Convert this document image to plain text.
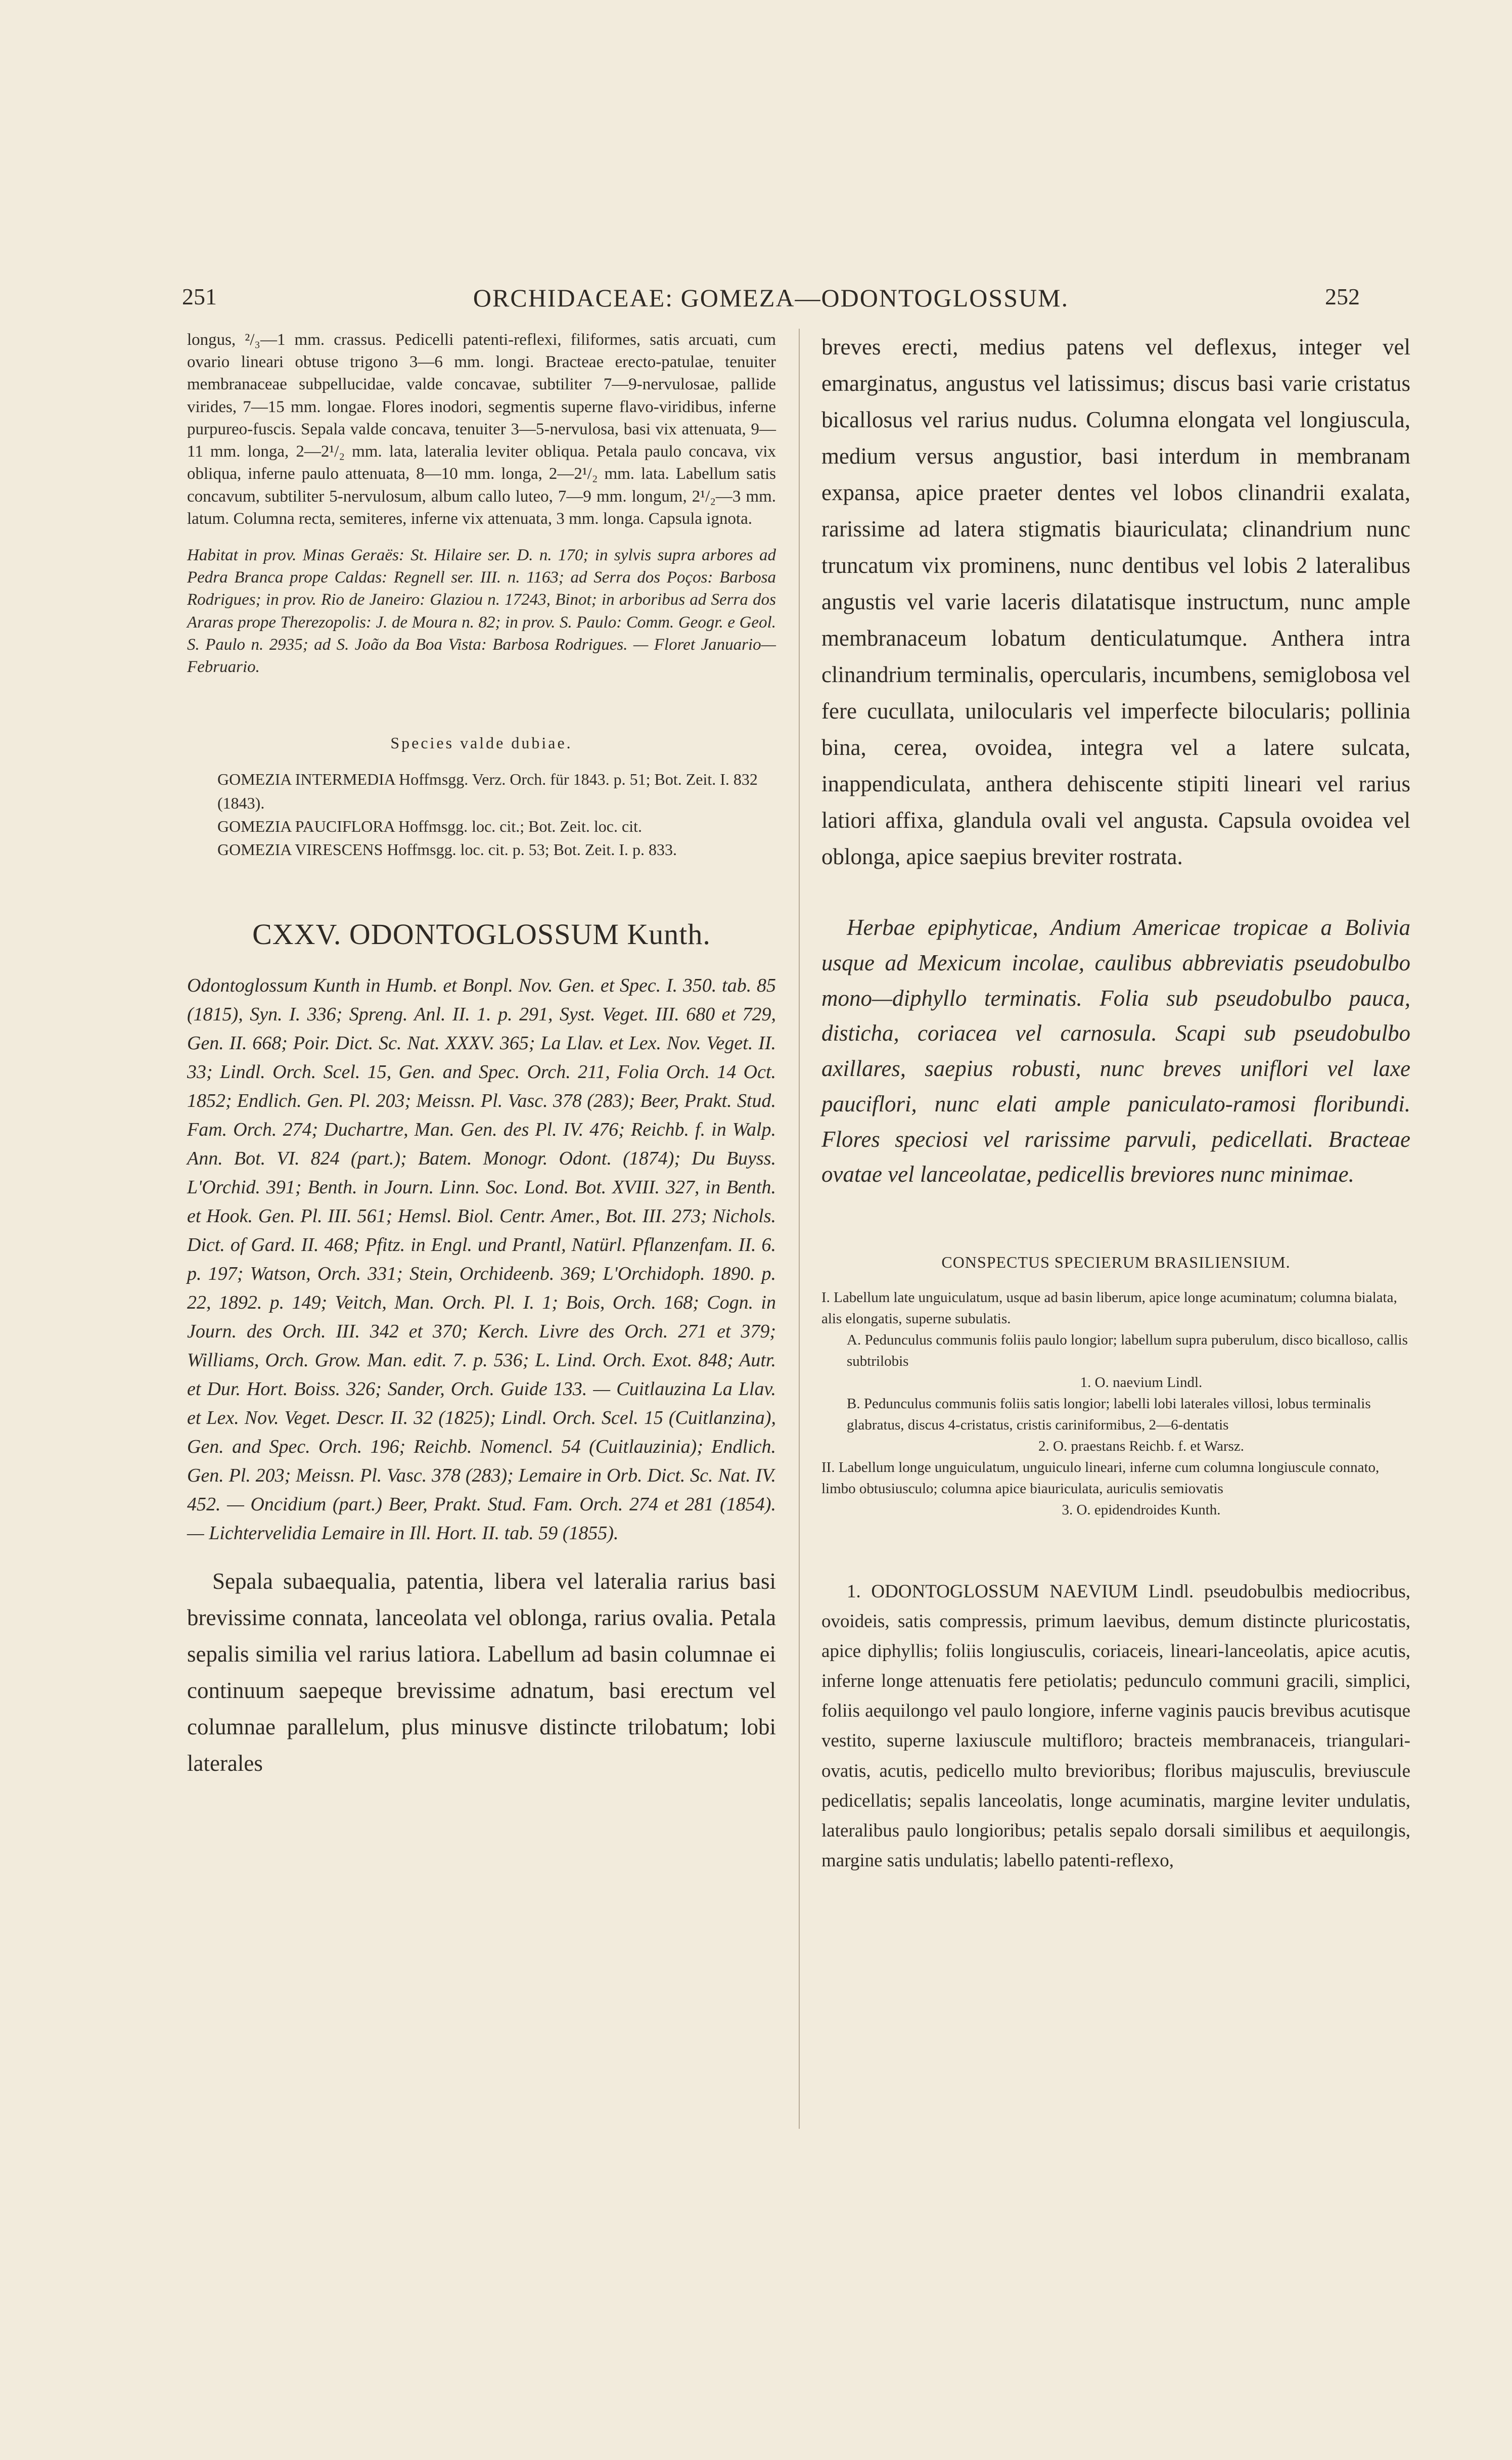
251	ORCHIDACEAE: GOMEZA—ODONTOGLOSSUM.	252

longus, ²/₃—1 mm. crassus. Pedicelli patenti-reflexi, filiformes, satis arcuati, cum ovario lineari obtuse trigono 3—6 mm. longi. Bracteae erecto-patulae, tenuiter membranaceae subpellucidae, valde concavae, subtiliter 7—9-nervulosae, pallide virides, 7—15 mm. longae. Flores inodori, segmentis superne flavo-viridibus, inferne purpureo-fuscis. Sepala valde concava, tenuiter 3—5-nervulosa, basi vix attenuata, 9—11 mm. longa, 2—2¹/₂ mm. lata, lateralia leviter obliqua. Petala paulo concava, vix obliqua, inferne paulo attenuata, 8—10 mm. longa, 2—2¹/₂ mm. lata. Labellum satis concavum, subtiliter 5-nervulosum, album callo luteo, 7—9 mm. longum, 2¹/₂—3 mm. latum. Columna recta, semiteres, inferne vix attenuata, 3 mm. longa. Capsula ignota.

Habitat in prov. Minas Geraës: St. Hilaire ser. D. n. 170; in sylvis supra arbores ad Pedra Branca prope Caldas: Regnell ser. III. n. 1163; ad Serra dos Poços: Barbosa Rodrigues; in prov. Rio de Janeiro: Glaziou n. 17243, Binot; in arboribus ad Serra dos Araras prope Therezopolis: J. de Moura n. 82; in prov. S. Paulo: Comm. Geogr. e Geol. S. Paulo n. 2935; ad S. João da Boa Vista: Barbosa Rodrigues. — Floret Januario—Februario.

Species valde dubiae.

GOMEZIA INTERMEDIA Hoffmsgg. Verz. Orch. für 1843. p. 51; Bot. Zeit. I. 832 (1843).

GOMEZIA PAUCIFLORA Hoffmsgg. loc. cit.; Bot. Zeit. loc. cit.

GOMEZIA VIRESCENS Hoffmsgg. loc. cit. p. 53; Bot. Zeit. I. p. 833.

CXXV. ODONTOGLOSSUM Kunth.

Odontoglossum Kunth in Humb. et Bonpl. Nov. Gen. et Spec. I. 350. tab. 85 (1815), Syn. I. 336; Spreng. Anl. II. 1. p. 291, Syst. Veget. III. 680 et 729, Gen. II. 668; Poir. Dict. Sc. Nat. XXXV. 365; La Llav. et Lex. Nov. Veget. II. 33; Lindl. Orch. Scel. 15, Gen. and Spec. Orch. 211, Folia Orch. 14 Oct. 1852; Endlich. Gen. Pl. 203; Meissn. Pl. Vasc. 378 (283); Beer, Prakt. Stud. Fam. Orch. 274; Duchartre, Man. Gen. des Pl. IV. 476; Reichb. f. in Walp. Ann. Bot. VI. 824 (part.); Batem. Monogr. Odont. (1874); Du Buyss. L'Orchid. 391; Benth. in Journ. Linn. Soc. Lond. Bot. XVIII. 327, in Benth. et Hook. Gen. Pl. III. 561; Hemsl. Biol. Centr. Amer., Bot. III. 273; Nichols. Dict. of Gard. II. 468; Pfitz. in Engl. und Prantl, Natürl. Pflanzenfam. II. 6. p. 197; Watson, Orch. 331; Stein, Orchideenb. 369; L'Orchidoph. 1890. p. 22, 1892. p. 149; Veitch, Man. Orch. Pl. I. 1; Bois, Orch. 168; Cogn. in Journ. des Orch. III. 342 et 370; Kerch. Livre des Orch. 271 et 379; Williams, Orch. Grow. Man. edit. 7. p. 536; L. Lind. Orch. Exot. 848; Autr. et Dur. Hort. Boiss. 326; Sander, Orch. Guide 133. — Cuitlauzina La Llav. et Lex. Nov. Veget. Descr. II. 32 (1825); Lindl. Orch. Scel. 15 (Cuitlanzina), Gen. and Spec. Orch. 196; Reichb. Nomencl. 54 (Cuitlauzinia); Endlich. Gen. Pl. 203; Meissn. Pl. Vasc. 378 (283); Lemaire in Orb. Dict. Sc. Nat. IV. 452. — Oncidium (part.) Beer, Prakt. Stud. Fam. Orch. 274 et 281 (1854). — Lichtervelidia Lemaire in Ill. Hort. II. tab. 59 (1855).

Sepala subaequalia, patentia, libera vel lateralia rarius basi brevissime connata, lanceolata vel oblonga, rarius ovalia. Petala sepalis similia vel rarius latiora. Labellum ad basin columnae ei continuum saepeque brevissime adnatum, basi erectum vel columnae parallelum, plus minusve distincte trilobatum; lobi laterales

breves erecti, medius patens vel deflexus, integer vel emarginatus, angustus vel latissimus; discus basi varie cristatus bicallosus vel rarius nudus. Columna elongata vel longiuscula, medium versus angustior, basi interdum in membranam expansa, apice praeter dentes vel lobos clinandrii exalata, rarissime ad latera stigmatis biauriculata; clinandrium nunc truncatum vix prominens, nunc dentibus vel lobis 2 lateralibus angustis vel varie laceris dilatatisque instructum, nunc ample membranaceum lobatum denticulatumque. Anthera intra clinandrium terminalis, opercularis, incumbens, semiglobosa vel fere cucullata, unilocularis vel imperfecte bilocularis; pollinia bina, cerea, ovoidea, integra vel a latere sulcata, inappendiculata, anthera dehiscente stipiti lineari vel rarius latiori affixa, glandula ovali vel angusta. Capsula ovoidea vel oblonga, apice saepius breviter rostrata.

Herbae epiphyticae, Andium Americae tropicae a Bolivia usque ad Mexicum incolae, caulibus abbreviatis pseudobulbo mono—diphyllo terminatis. Folia sub pseudobulbo pauca, disticha, coriacea vel carnosula. Scapi sub pseudobulbo axillares, saepius robusti, nunc breves uniflori vel laxe pauciflori, nunc elati ample paniculato-ramosi floribundi. Flores speciosi vel rarissime parvuli, pedicellati. Bracteae ovatae vel lanceolatae, pedicellis breviores nunc minimae.

CONSPECTUS SPECIERUM BRASILIENSIUM.
I. Labellum late unguiculatum, usque ad basin liberum, apice longe acuminatum; columna bialata, alis elongatis, superne subulatis.
A. Pedunculus communis foliis paulo longior; labellum supra puberulum, disco bicalloso, callis subtrilobis
1. O. naevium Lindl.
B. Pedunculus communis foliis satis longior; labelli lobi laterales villosi, lobus terminalis glabratus, discus 4-cristatus, cristis cariniformibus, 2—6-dentatis
2. O. praestans Reichb. f. et Warsz.
II. Labellum longe unguiculatum, unguiculo lineari, inferne cum columna longiuscule connato, limbo obtusiusculo; columna apice biauriculata, auriculis semiovatis
3. O. epidendroides Kunth.

1. ODONTOGLOSSUM NAEVIUM Lindl. pseudobulbis mediocribus, ovoideis, satis compressis, primum laevibus, demum distincte pluricostatis, apice diphyllis; foliis longiusculis, coriaceis, lineari-lanceolatis, apice acutis, inferne longe attenuatis fere petiolatis; pedunculo communi gracili, simplici, foliis aequilongo vel paulo longiore, inferne vaginis paucis brevibus acutisque vestito, superne laxiuscule multifloro; bracteis membranaceis, triangulari-ovatis, acutis, pedicello multo brevioribus; floribus majusculis, breviuscule pedicellatis; sepalis lanceolatis, longe acuminatis, margine leviter undulatis, lateralibus paulo longioribus; petalis sepalo dorsali similibus et aequilongis, margine satis undulatis; labello patenti-reflexo,
